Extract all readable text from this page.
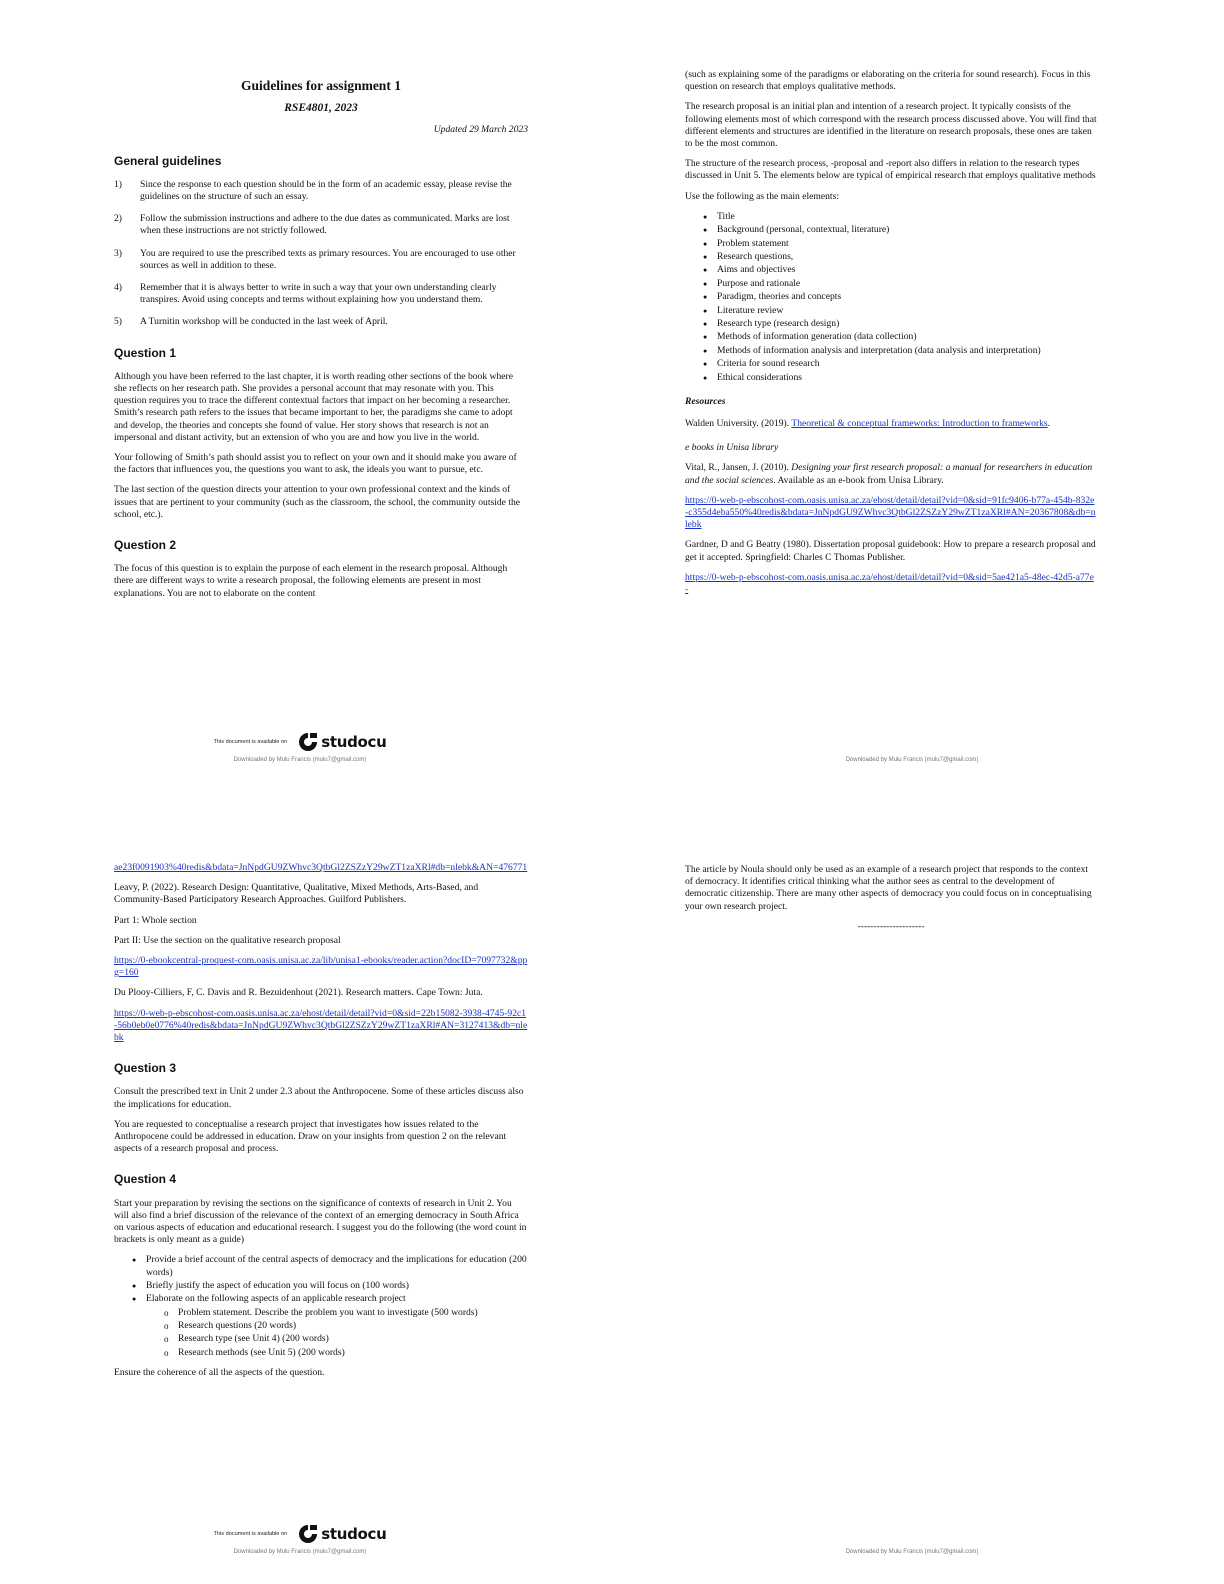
Guidelines for assignment 1
RSE4801, 2023
Updated 29 March 2023
General guidelines
1)	Since the response to each question should be in the form of an academic essay, please revise the guidelines on the structure of such an essay.
2)	Follow the submission instructions and adhere to the due dates as communicated. Marks are lost when these instructions are not strictly followed.
3)	You are required to use the prescribed texts as primary resources. You are encouraged to use other sources as well in addition to these.
4)	Remember that it is always better to write in such a way that your own understanding clearly transpires. Avoid using concepts and terms without explaining how you understand them.
5)	A Turnitin workshop will be conducted in the last week of April.
Question 1

Although you have been referred to the last chapter, it is worth reading other sections of the book where she reflects on her research path. She provides a personal account that may resonate with you. This question requires you to trace the different contextual factors that impact on her becoming a researcher. Smith’s research path refers to the issues that became important to her, the paradigms she came to adopt and develop, the theories and concepts she found of value. Her story shows that research is not an impersonal and distant activity, but an extension of who you are and how you live in the world.

Your following of Smith’s path should assist you to reflect on your own and it should make you aware of the factors that influences you, the questions you want to ask, the ideals you want to pursue, etc.

The last section of the question directs your attention to your own professional context and the kinds of issues that are pertinent to your community (such as the classroom, the school, the community outside the school, etc.).

Question 2

The focus of this question is to explain the purpose of each element in the research proposal. Although there are different ways to write a research proposal, the following elements are present in most explanations. You are not to elaborate on the content

This document is available on studocu
Downloaded by Mulu Francis (mulu7@gmail.com)

(such as explaining some of the paradigms or elaborating on the criteria for sound research). Focus in this question on research that employs qualitative methods.

The research proposal is an initial plan and intention of a research project. It typically consists of the following elements most of which correspond with the research process discussed above. You will find that different elements and structures are identified in the literature on research proposals, these ones are taken to be the most common.

The structure of the research process, -proposal and -report also differs in relation to the research types discussed in Unit 5. The elements below are typical of empirical research that employs qualitative methods

Use the following as the main elements:

● Title
● Background (personal, contextual, literature)
● Problem statement
● Research questions,
● Aims and objectives
● Purpose and rationale
● Paradigm, theories and concepts
● Literature review
● Research type (research design)
● Methods of information generation (data collection)
● Methods of information analysis and interpretation (data analysis and interpretation)
● Criteria for sound research
● Ethical considerations
Resources

Walden University. (2019). Theoretical & conceptual frameworks: Introduction to frameworks.

e books in Unisa library

Vital, R., Jansen, J. (2010). Designing your first research proposal: a manual for researchers in education and the social sciences. Available as an e-book from Unisa Library.

https://0-web-p-ebscohost-com.oasis.unisa.ac.za/ehost/detail/detail?vid=0&sid=91fc9406-b77a-454b-832e-c355d4eba550%40redis&bdata=JnNpdGU9ZWhvc3QtbGl2ZSZzY29wZT1zaXRl#AN=20367808&db=nlebk

Gardner, D and G Beatty (1980). Dissertation proposal guidebook: How to prepare a research proposal and get it accepted. Springfield: Charles C Thomas Publisher.

https://0-web-p-ebscohost-com.oasis.unisa.ac.za/ehost/detail/detail?vid=0&sid=5ae421a5-48ec-42d5-a77e-

Downloaded by Mulu Francis (mulu7@gmail.com)

ae23f0091903%40redis&bdata=JnNpdGU9ZWhvc3QtbGl2ZSZzY29wZT1zaXRl#db=nlebk&AN=476771

Leavy, P. (2022). Research Design: Quantitative, Qualitative, Mixed Methods, Arts-Based, and Community-Based Participatory Research Approaches. Guilford Publishers.

Part 1: Whole section

Part II: Use the section on the qualitative research proposal

https://0-ebookcentral-proquest-com.oasis.unisa.ac.za/lib/unisa1-ebooks/reader.action?docID=7097732&ppg=160

Du Plooy-Cilliers, F, C. Davis and R. Bezuidenhout (2021). Research matters. Cape Town: Juta.

https://0-web-p-ebscohost-com.oasis.unisa.ac.za/ehost/detail/detail?vid=0&sid=22b15082-3938-4745-92c1-56b0eb0e0776%40redis&bdata=JnNpdGU9ZWhvc3QtbGl2ZSZzY29wZT1zaXRl#AN=3127413&db=nlebk

Question 3

Consult the prescribed text in Unit 2 under 2.3 about the Anthropocene. Some of these articles discuss also the implications for education.

You are requested to conceptualise a research project that investigates how issues related to the Anthropocene could be addressed in education. Draw on your insights from question 2 on the relevant aspects of a research proposal and process.

Question 4

Start your preparation by revising the sections on the significance of contexts of research in Unit 2. You will also find a brief discussion of the relevance of the context of an emerging democracy in South Africa on various aspects of education and educational research. I suggest you do the following (the word count in brackets is only meant as a guide)

● Provide a brief account of the central aspects of democracy and the implications for education (200 words)
● Briefly justify the aspect of education you will focus on (100 words)
● Elaborate on the following aspects of an applicable research project
o Problem statement. Describe the problem you want to investigate (500 words)
o Research questions (20 words)
o Research type (see Unit 4) (200 words)
o Research methods (see Unit 5) (200 words)

Ensure the coherence of all the aspects of the question.

This document is available on studocu
Downloaded by Mulu Francis (mulu7@gmail.com)

The article by Noula should only be used as an example of a research project that responds to the context of democracy. It identifies critical thinking what the author sees as central to the development of democratic citizenship. There are many other aspects of democracy you could focus on in conceptualising your own research project.

---------------------
Downloaded by Mulu Francis (mulu7@gmail.com)
